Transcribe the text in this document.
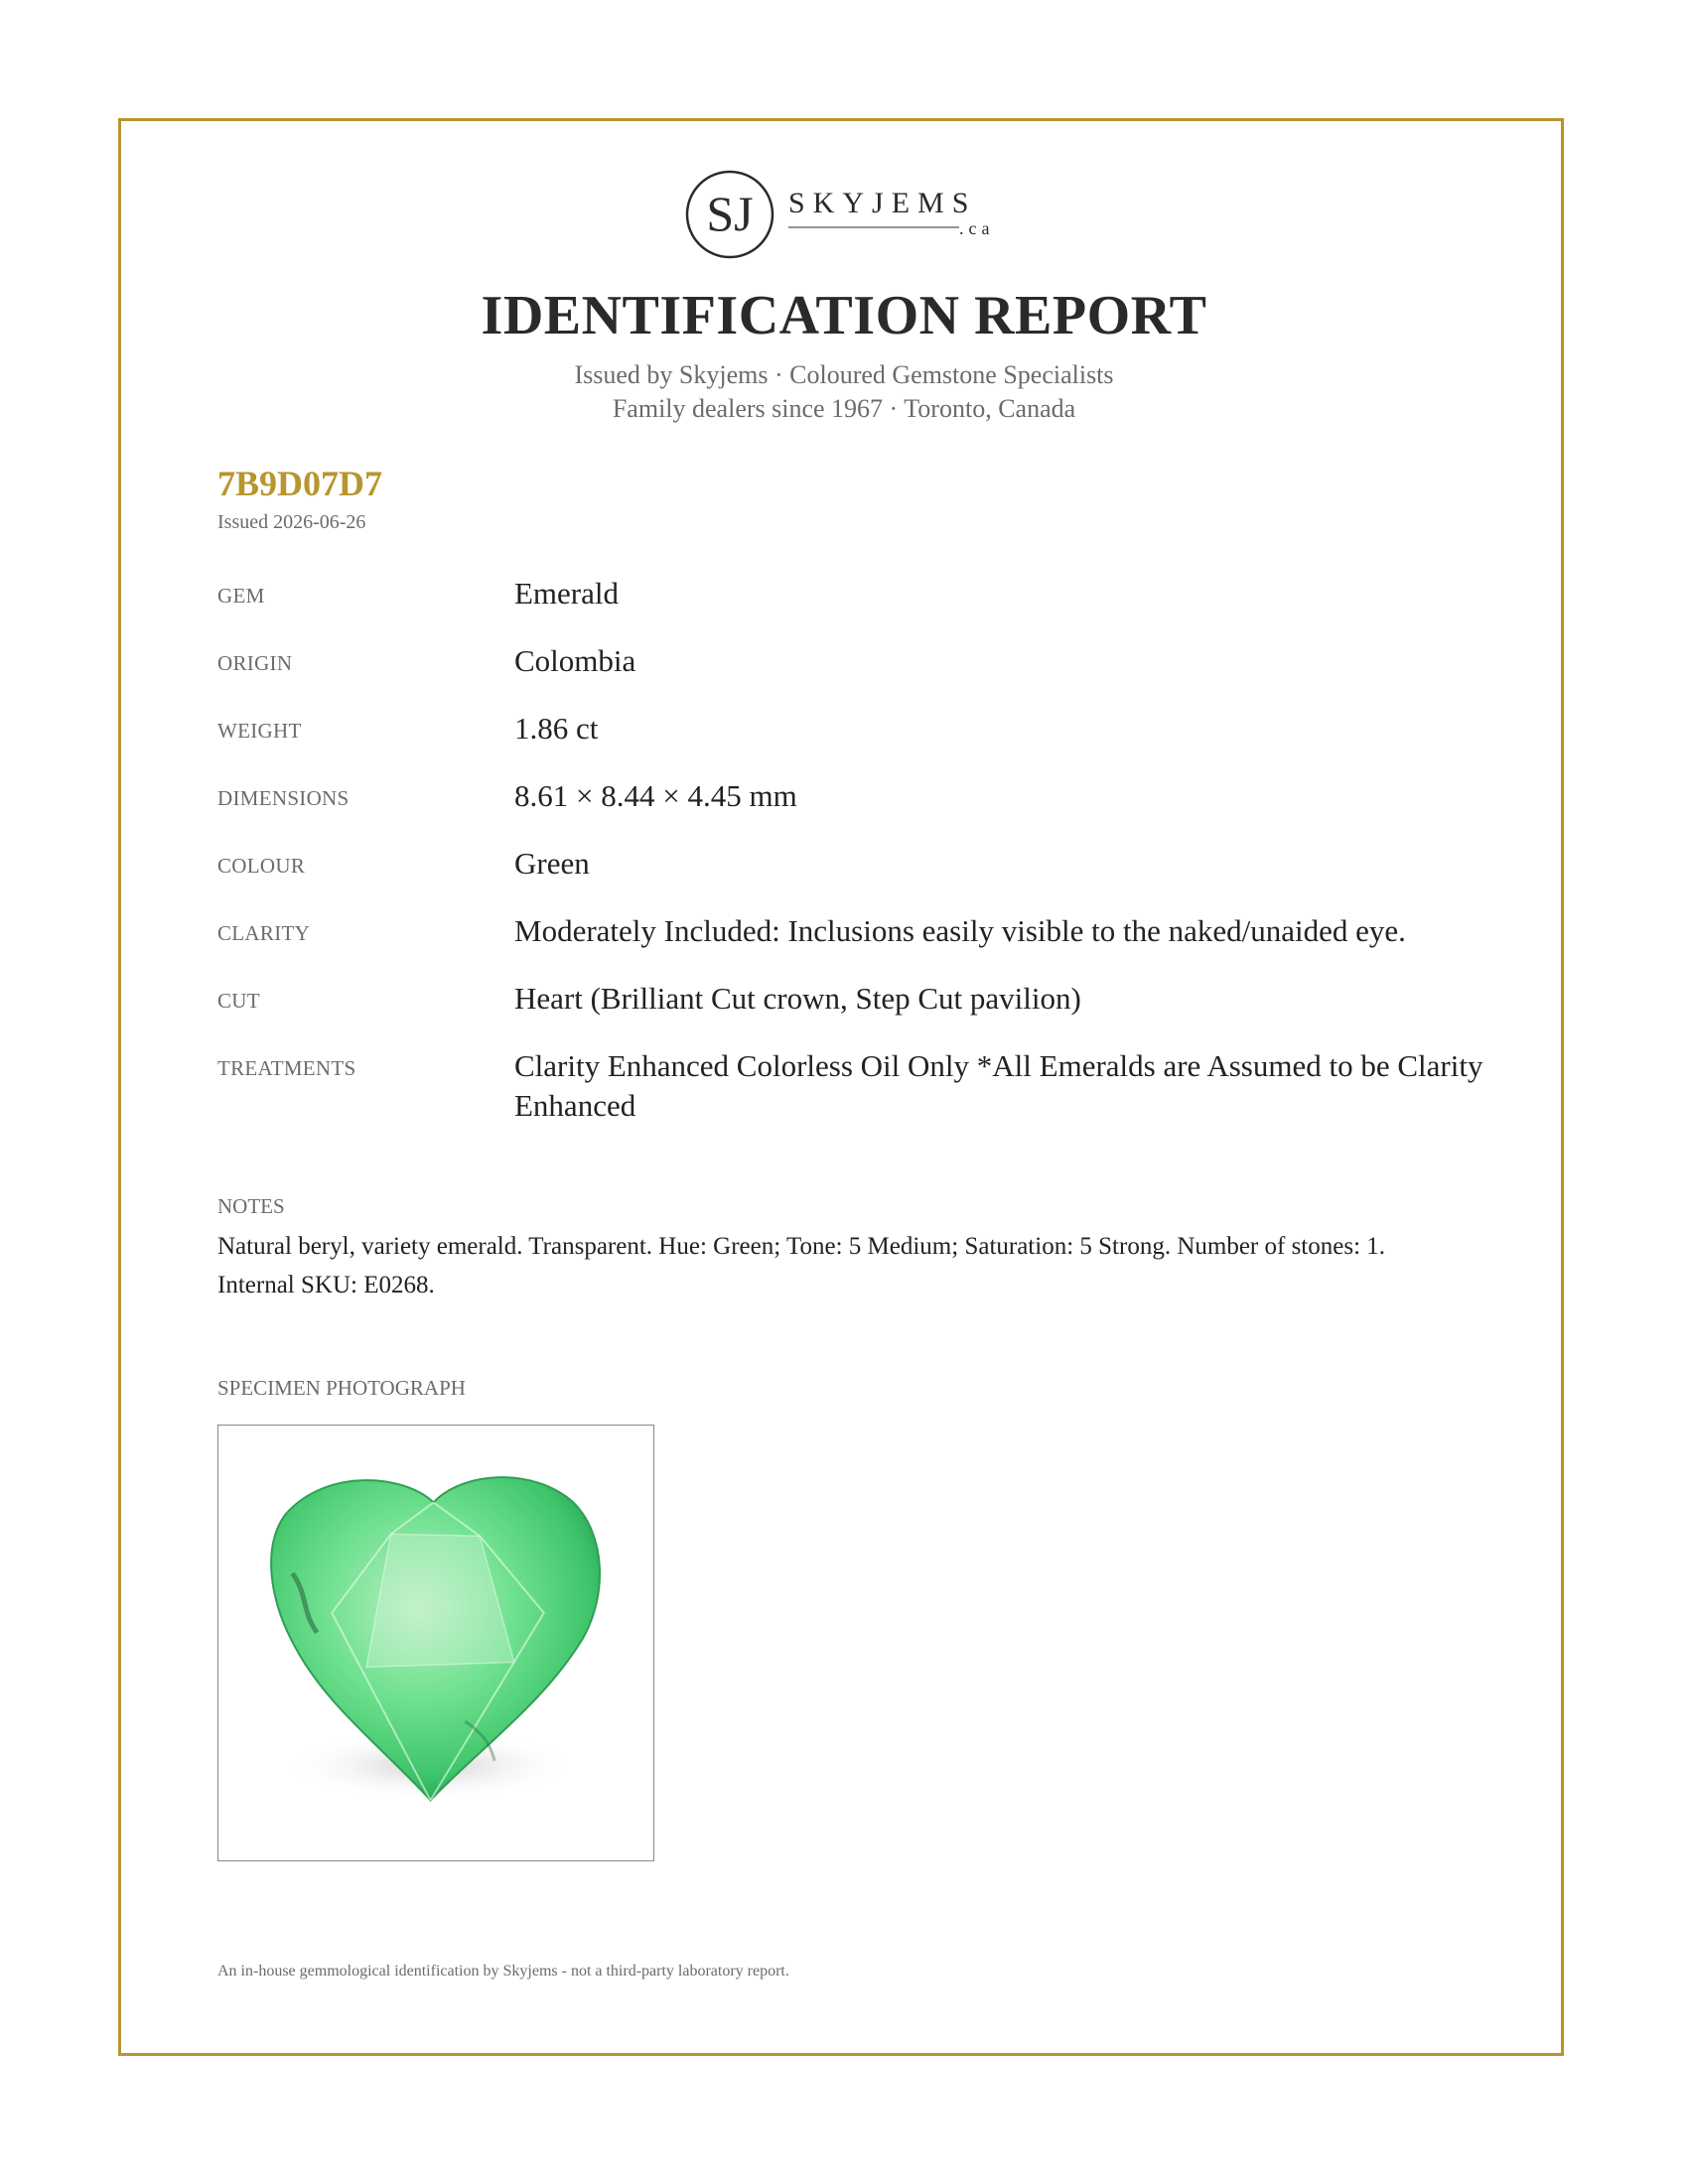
SJ SKYJEMS
.ca
IDENTIFICATION REPORT
Issued by Skyjems · Coloured Gemstone Specialists
Family dealers since 1967 · Toronto, Canada
7B9D07D7
Issued 2026-06-26
GEM	Emerald
ORIGIN	Colombia
WEIGHT	1.86 ct
DIMENSIONS	8.61 × 8.44 × 4.45 mm
COLOUR	Green
CLARITY	Moderately Included: Inclusions easily visible to the naked/unaided eye.
CUT	Heart (Brilliant Cut crown, Step Cut pavilion)
TREATMENTS	Clarity Enhanced Colorless Oil Only *All Emeralds are Assumed to be Clarity Enhanced
NOTES
Natural beryl, variety emerald. Transparent. Hue: Green; Tone: 5 Medium; Saturation: 5 Strong. Number of stones: 1. Internal SKU: E0268.
SPECIMEN PHOTOGRAPH
An in-house gemmological identification by Skyjems - not a third-party laboratory report.
